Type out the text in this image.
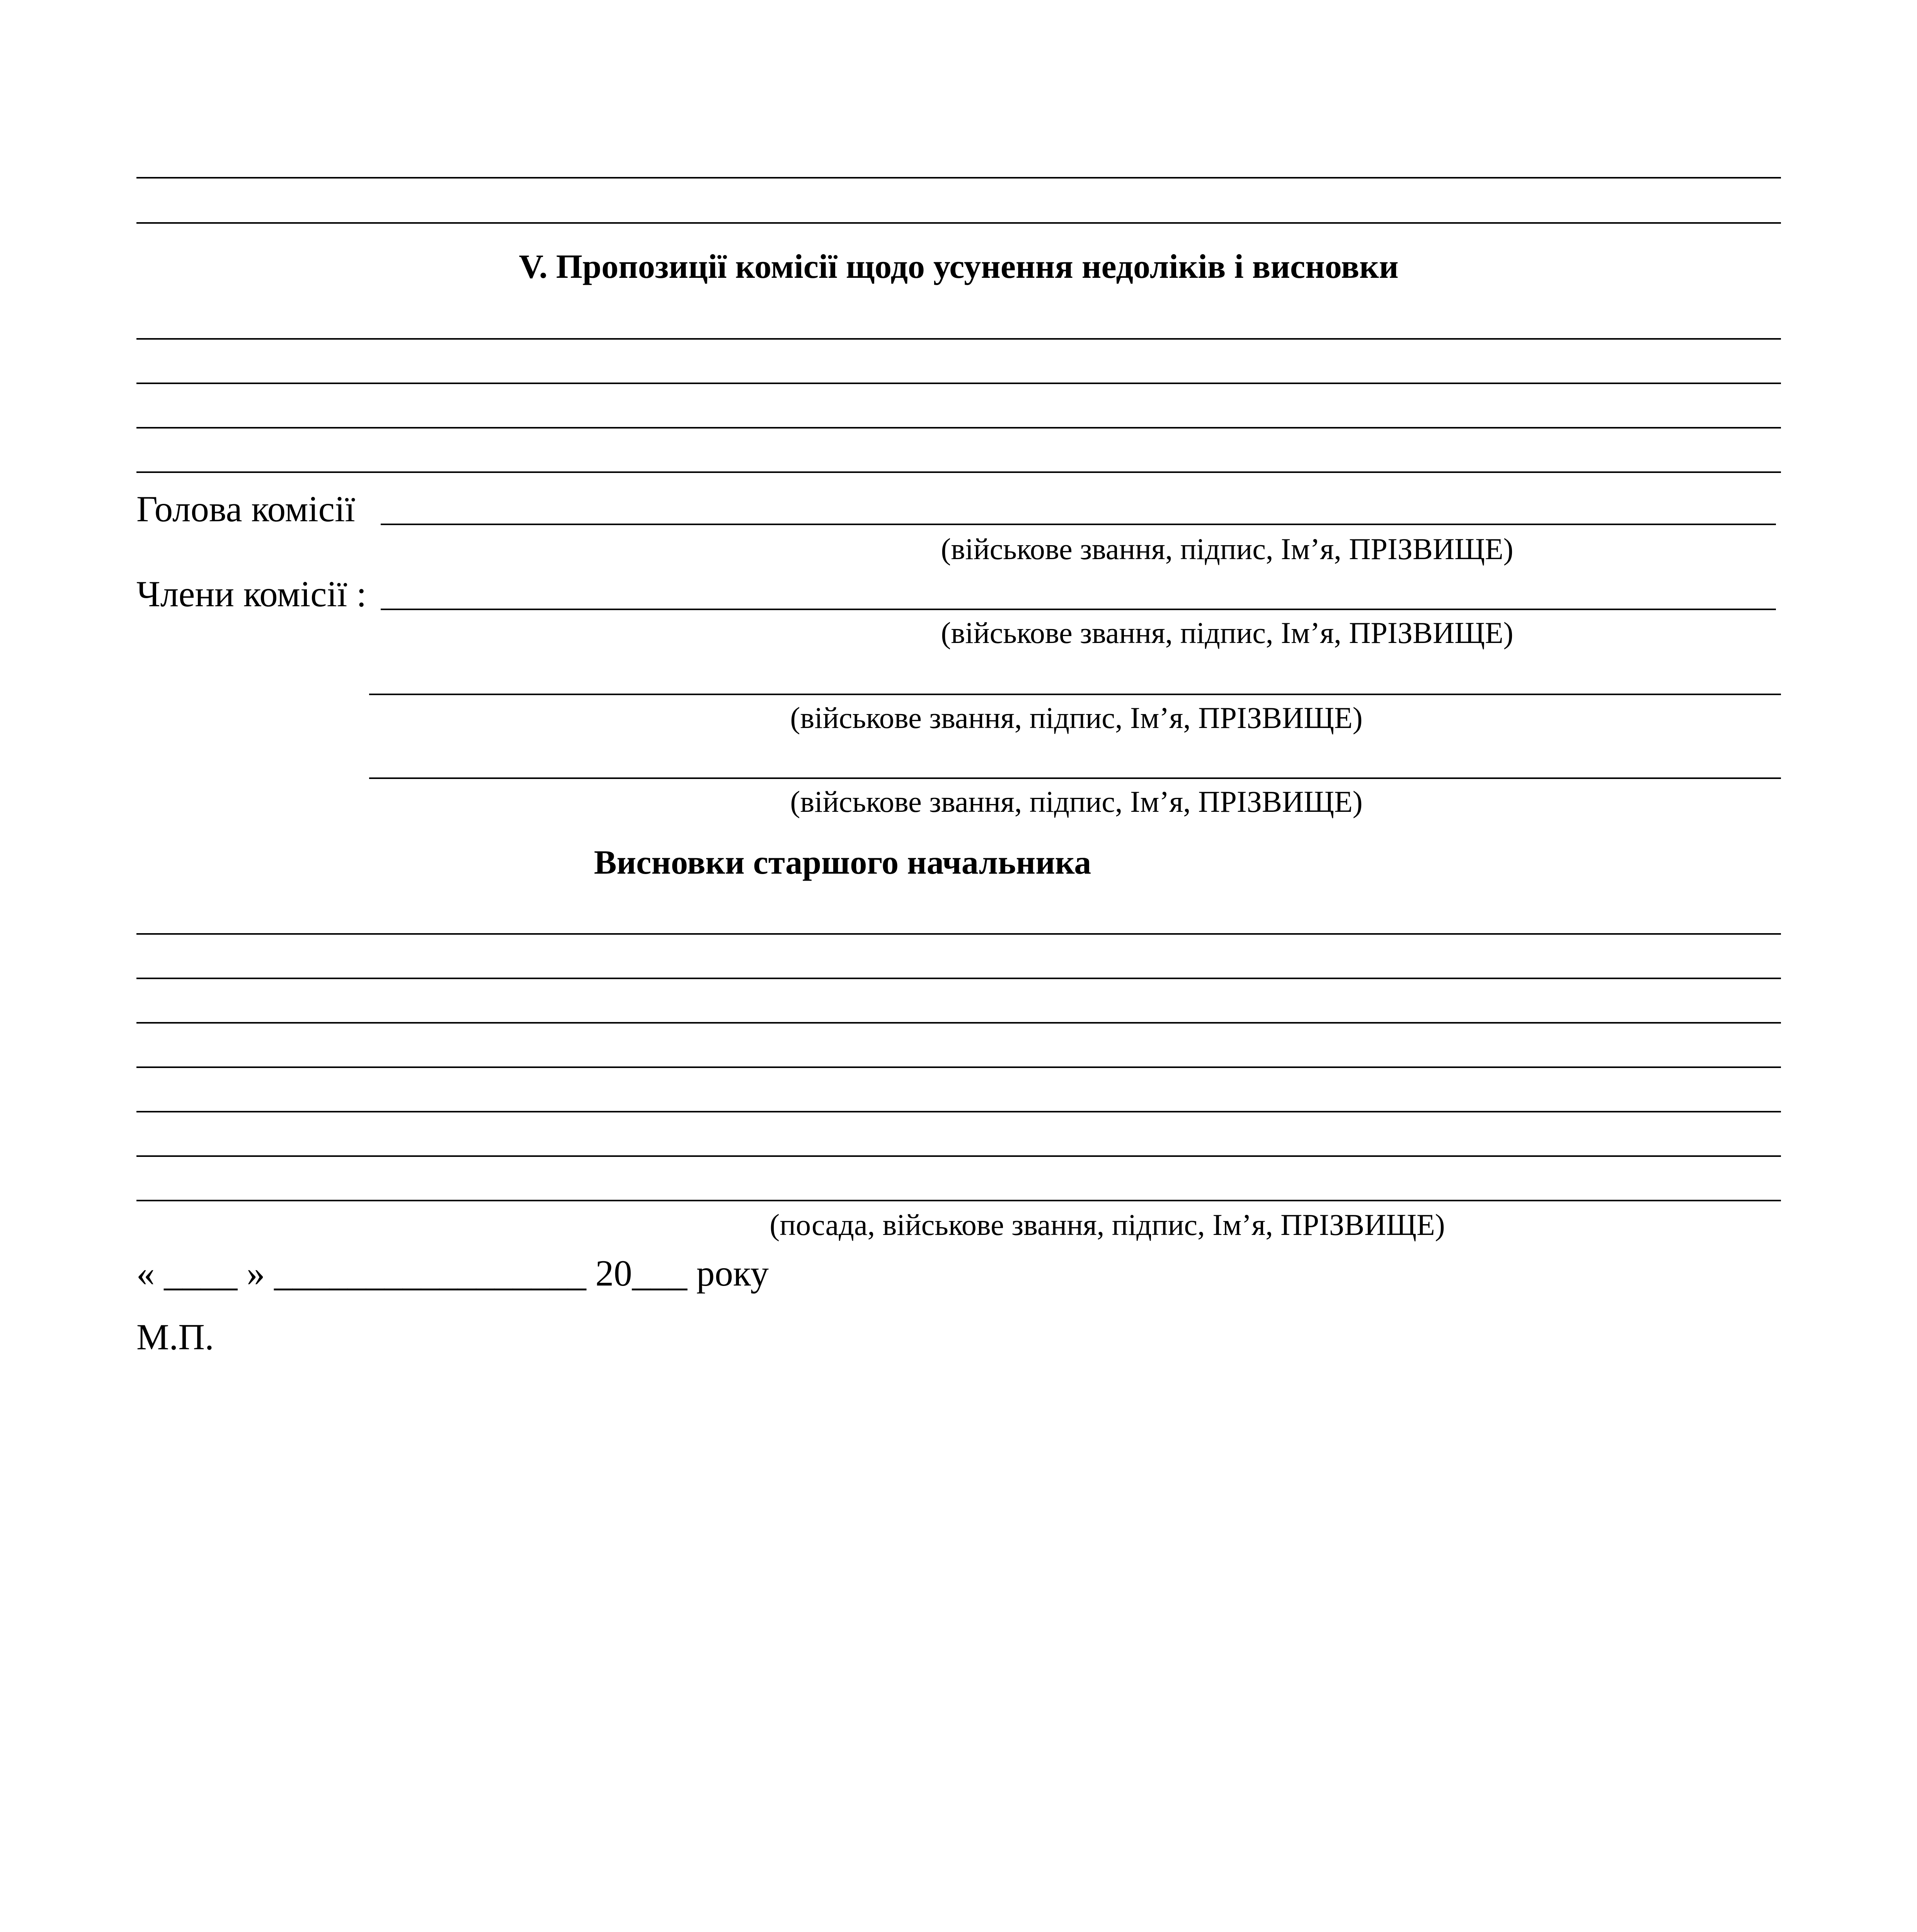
V. Пропозиції комісії щодо усунення недоліків і висновки
Голова комісії
(військове звання, підпис, Ім’я, ПРІЗВИЩЕ)
Члени комісії :
(військове звання, підпис, Ім’я, ПРІЗВИЩЕ)
(військове звання, підпис, Ім’я, ПРІЗВИЩЕ)
(військове звання, підпис, Ім’я, ПРІЗВИЩЕ)
Висновки старшого начальника
(посада, військове звання, підпис, Ім’я, ПРІЗВИЩЕ)
« ____ » _________________ 20___ року
М.П.
